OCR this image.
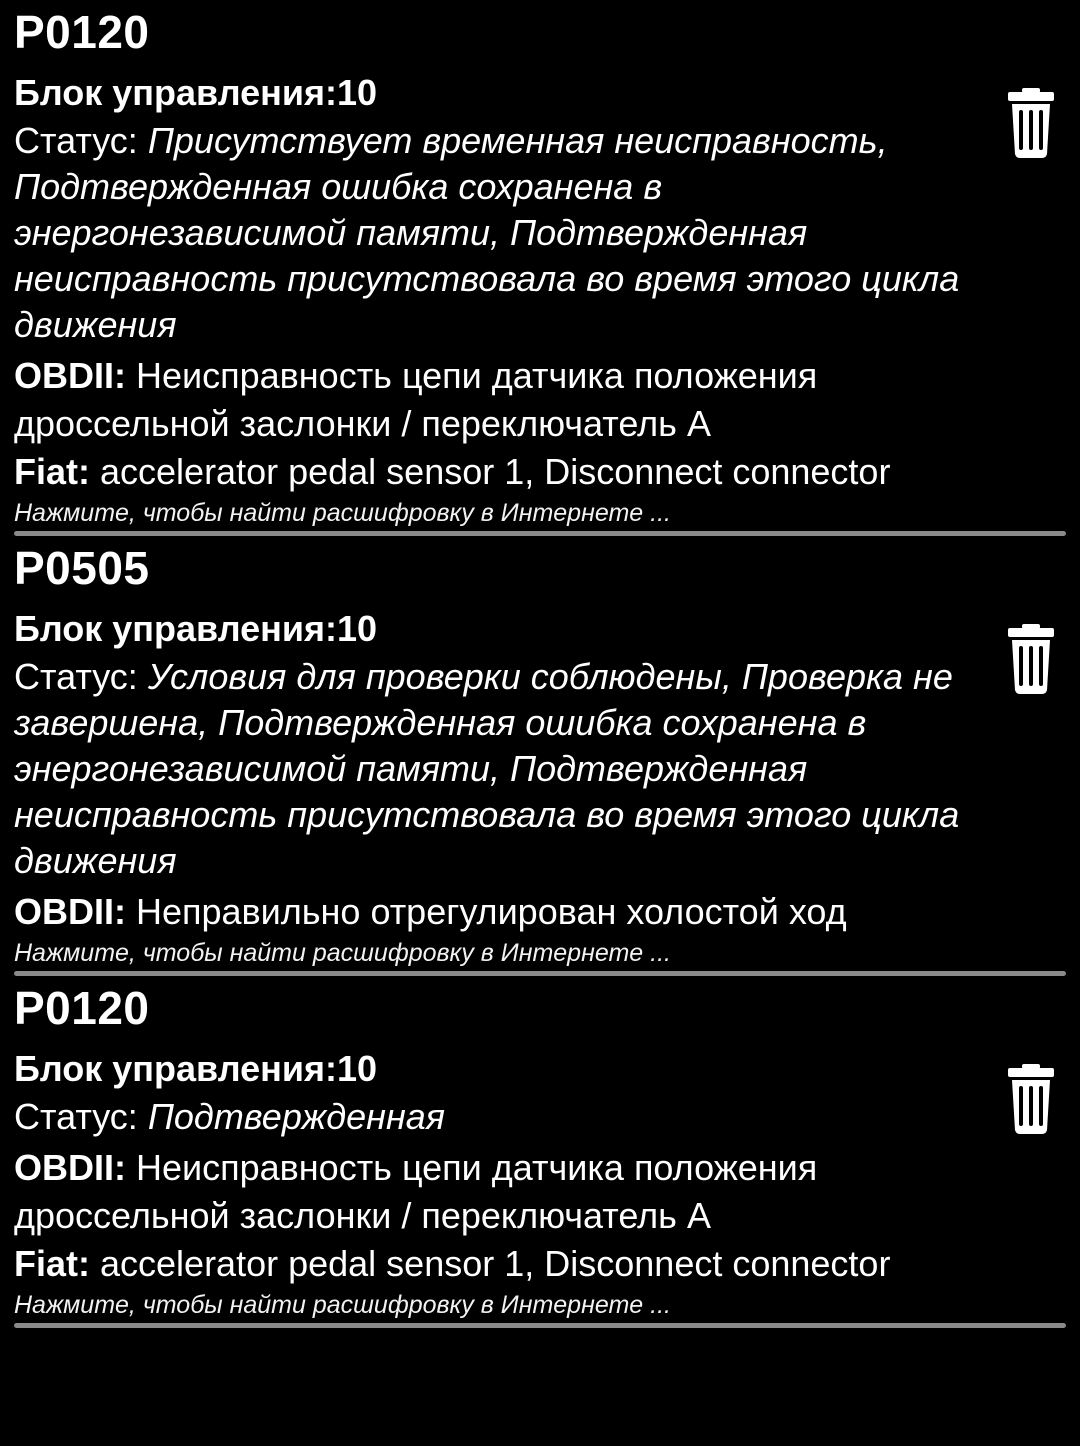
P0120
Блок управления:10
Статус: Присутствует временная неисправность, Подтвержденная ошибка сохранена в энергонезависимой памяти, Подтвержденная неисправность присутствовала во время этого цикла движения
OBDII: Неисправность цепи датчика положения дроссельной заслонки / переключатель A
Fiat: accelerator pedal sensor 1, Disconnect connector
Нажмите, чтобы найти расшифровку в Интернете ...
P0505
Блок управления:10
Статус: Условия для проверки соблюдены, Проверка не завершена, Подтвержденная ошибка сохранена в энергонезависимой памяти, Подтвержденная неисправность присутствовала во время этого цикла движения
OBDII: Неправильно отрегулирован холостой ход
Нажмите, чтобы найти расшифровку в Интернете ...
P0120
Блок управления:10
Статус: Подтвержденная
OBDII: Неисправность цепи датчика положения дроссельной заслонки / переключатель A
Fiat: accelerator pedal sensor 1, Disconnect connector
Нажмите, чтобы найти расшифровку в Интернете ...
